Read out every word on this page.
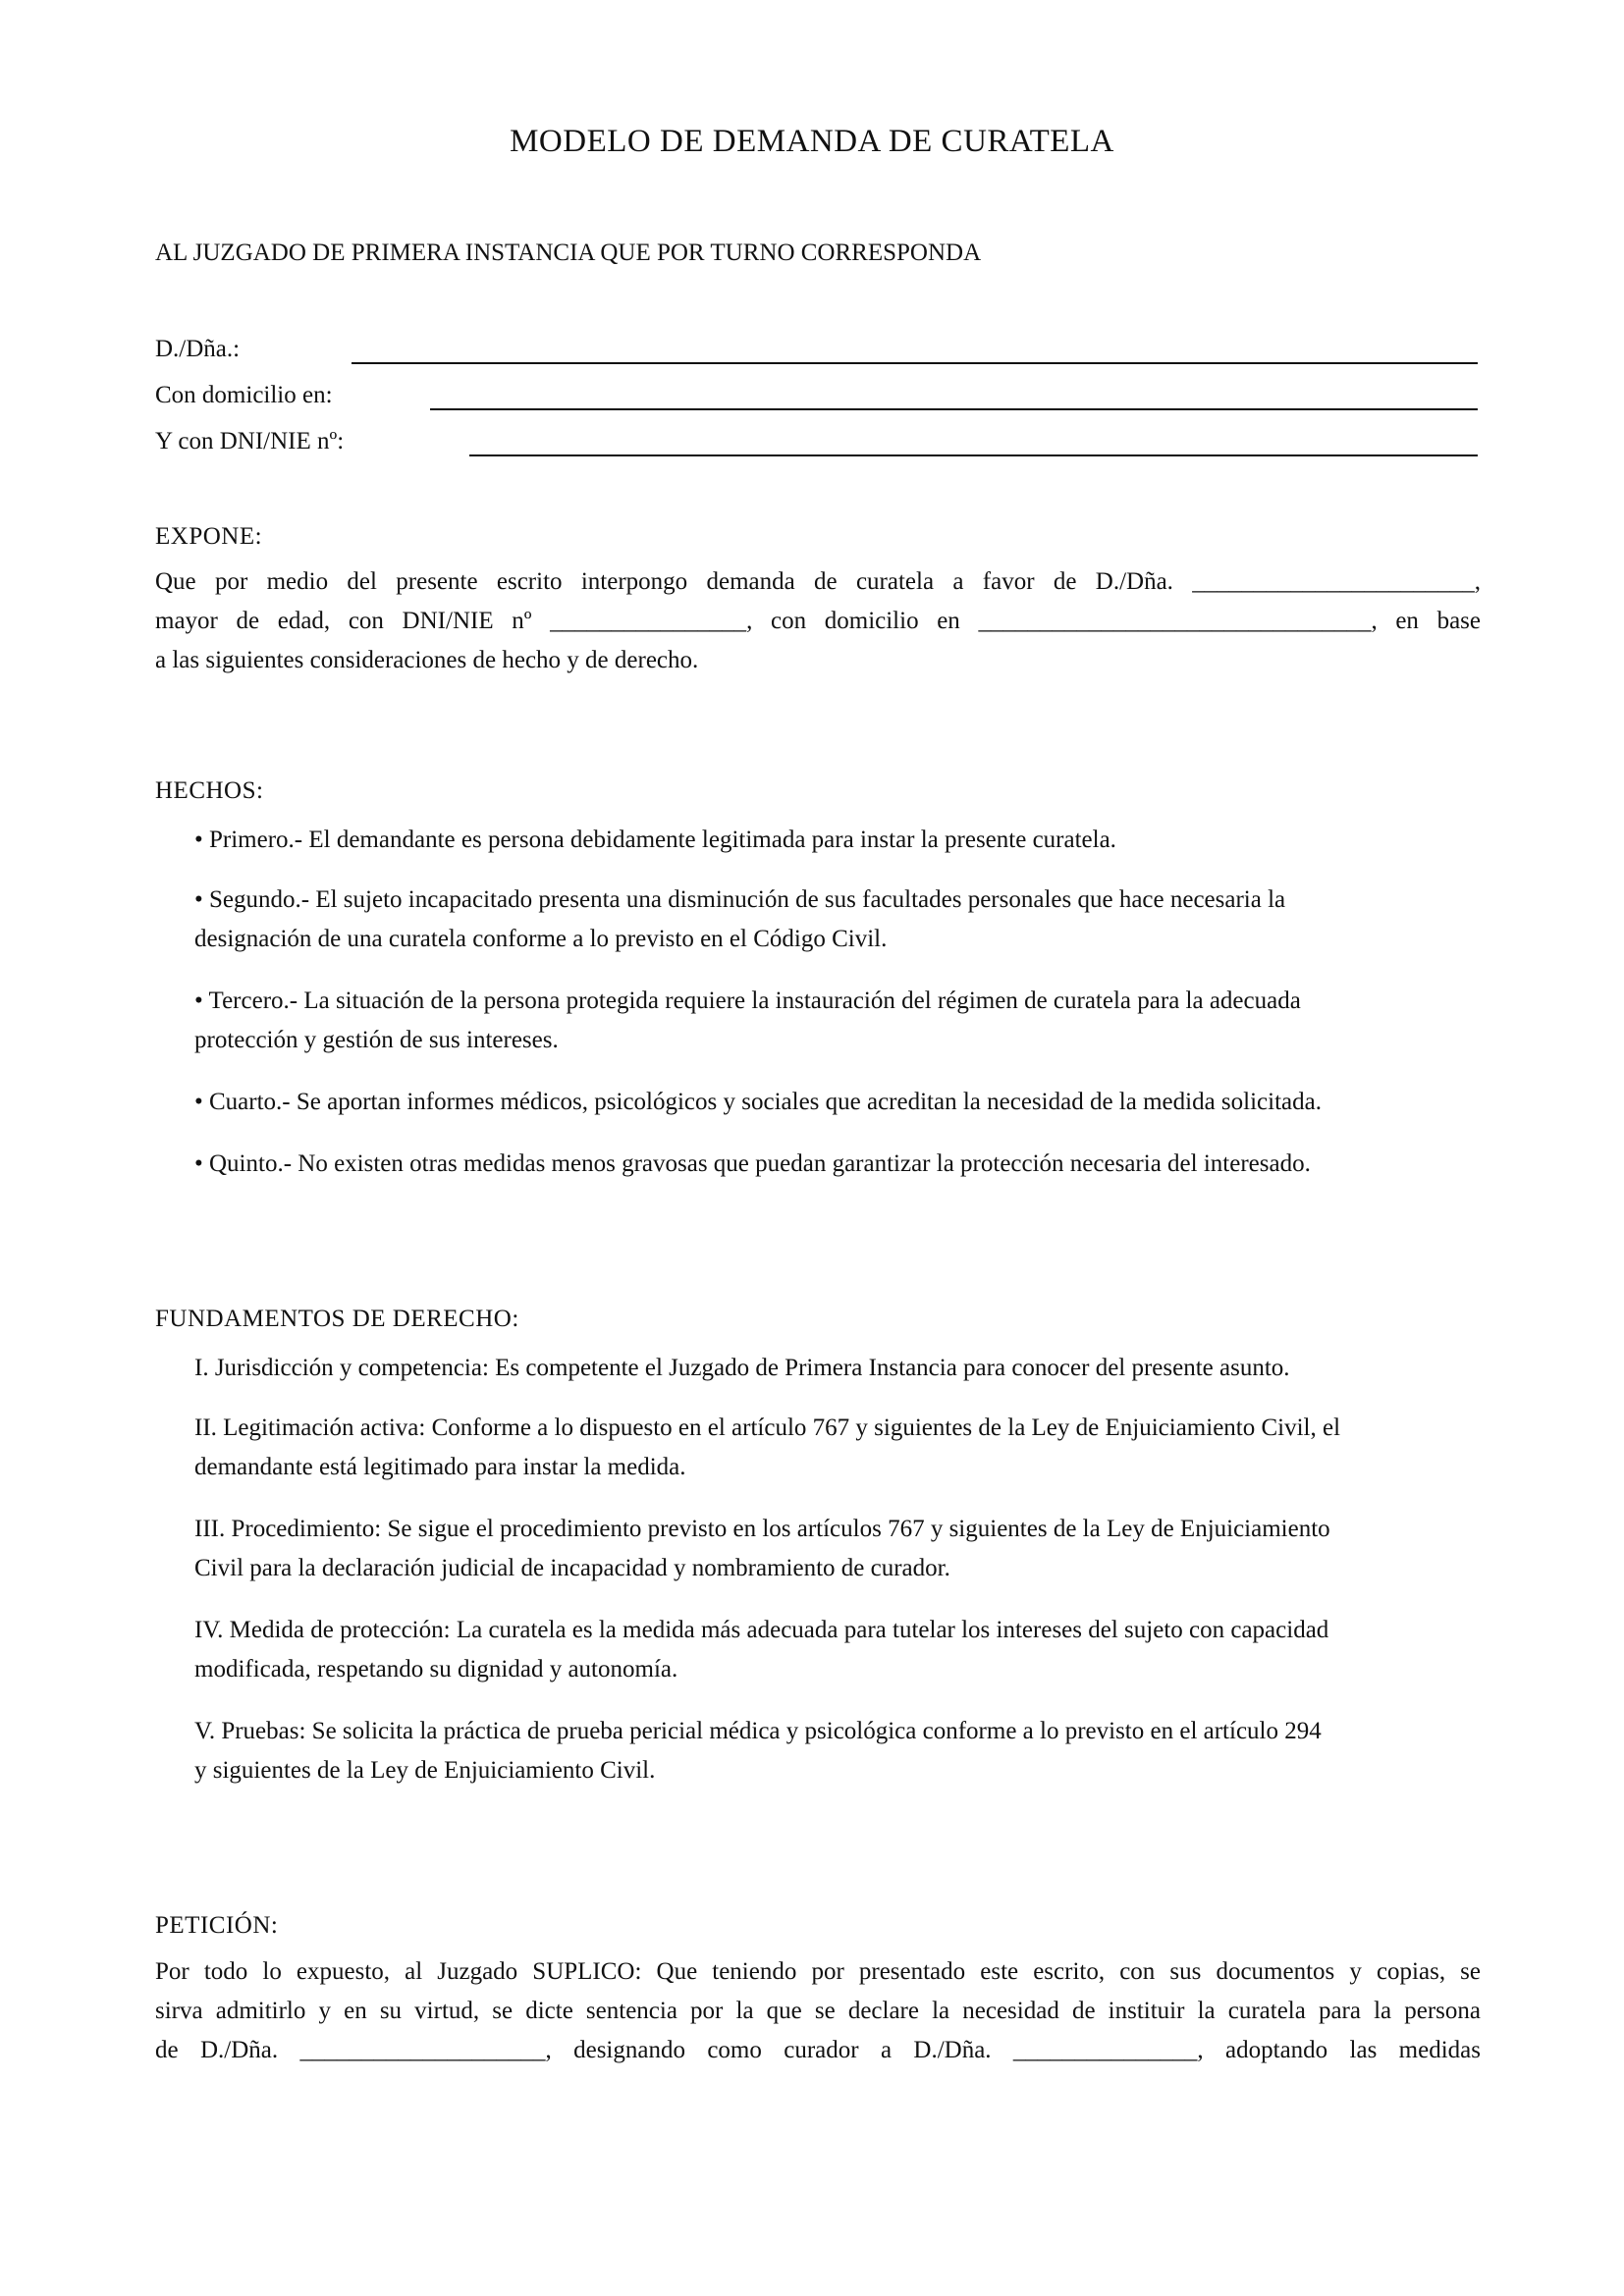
MODELO DE DEMANDA DE CURATELA
AL JUZGADO DE PRIMERA INSTANCIA QUE POR TURNO CORRESPONDA
D./Dña.:
Con domicilio en:
Y con DNI/NIE nº:
EXPONE:
Que por medio del presente escrito interpongo demanda de curatela a favor de D./Dña. _______________________,
mayor de edad, con DNI/NIE nº ________________, con domicilio en ________________________________, en base
a las siguientes consideraciones de hecho y de derecho.
HECHOS:
• Primero.- El demandante es persona debidamente legitimada para instar la presente curatela.
• Segundo.- El sujeto incapacitado presenta una disminución de sus facultades personales que hace necesaria la
designación de una curatela conforme a lo previsto en el Código Civil.
• Tercero.- La situación de la persona protegida requiere la instauración del régimen de curatela para la adecuada
protección y gestión de sus intereses.
• Cuarto.- Se aportan informes médicos, psicológicos y sociales que acreditan la necesidad de la medida solicitada.
• Quinto.- No existen otras medidas menos gravosas que puedan garantizar la protección necesaria del interesado.
FUNDAMENTOS DE DERECHO:
I. Jurisdicción y competencia: Es competente el Juzgado de Primera Instancia para conocer del presente asunto.
II. Legitimación activa: Conforme a lo dispuesto en el artículo 767 y siguientes de la Ley de Enjuiciamiento Civil, el
demandante está legitimado para instar la medida.
III. Procedimiento: Se sigue el procedimiento previsto en los artículos 767 y siguientes de la Ley de Enjuiciamiento
Civil para la declaración judicial de incapacidad y nombramiento de curador.
IV. Medida de protección: La curatela es la medida más adecuada para tutelar los intereses del sujeto con capacidad
modificada, respetando su dignidad y autonomía.
V. Pruebas: Se solicita la práctica de prueba pericial médica y psicológica conforme a lo previsto en el artículo 294
y siguientes de la Ley de Enjuiciamiento Civil.
PETICIÓN:
Por todo lo expuesto, al Juzgado SUPLICO: Que teniendo por presentado este escrito, con sus documentos y copias, se
sirva admitirlo y en su virtud, se dicte sentencia por la que se declare la necesidad de instituir la curatela para la persona
de D./Dña. ____________________, designando como curador a D./Dña. _______________, adoptando las medidas
